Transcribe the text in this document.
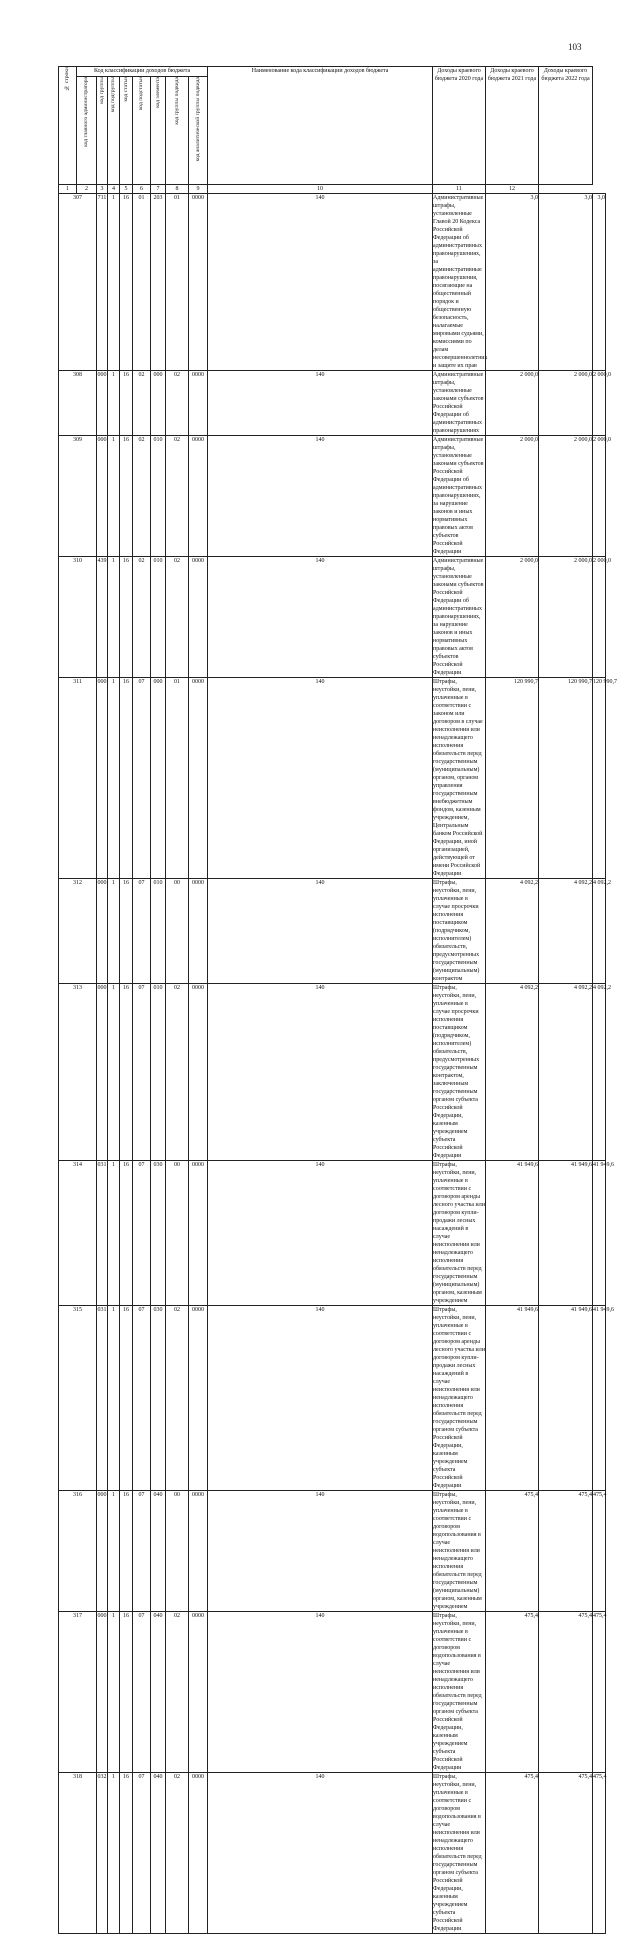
103
№ строки	Код классификации доходов бюджета								Наименование кода классификации доходов бюджета	Доходы краевого бюджета 2020 года	Доходы краевого бюджета 2021 года	Доходы краевого бюджета 2022 года	
	код главного администратора	код группы	код подгруппы	код статьи	код подстатьи	код элемента	код группы подвида	код аналитической группы подвида					
1	2	3	4	5	6	7	8	9	10	11	12		
307		711	1	16	01	203	01	0000	140	Административные штрафы, установленные Главой 20 Кодекса Российской Федерации об административных правонарушениях, за административные правонарушения, посягающие на общественный порядок и общественную безопасность, налагаемые мировыми судьями, комиссиями по делам несовершеннолетних и защите их прав	3,0	3,0	3,0
308		000	1	16	02	000	02	0000	140	Административные штрафы, установленные законами субъектов Российской Федерации об административных правонарушениях	2 000,0	2 000,0	2 000,0
309		000	1	16	02	010	02	0000	140	Административные штрафы, установленные законами субъектов Российской Федерации об административных правонарушениях, за нарушение законов и иных нормативных правовых актов субъектов Российской Федерации	2 000,0	2 000,0	2 000,0
310		439	1	16	02	010	02	0000	140	Административные штрафы, установленные законами субъектов Российской Федерации об административных правонарушениях, за нарушение законов и иных нормативных правовых актов субъектов Российской Федерации	2 000,0	2 000,0	2 000,0
311		000	1	16	07	000	01	0000	140	Штрафы, неустойки, пени, уплаченные в соответствии с законом или договором в случае неисполнения или ненадлежащего исполнения обязательств перед государственным (муниципальным) органом, органом управления государственным внебюджетным фондом, казенным учреждением, Центральным банком Российской Федерации, иной организацией, действующей от имени Российской Федерации	120 990,7	120 990,7	120 990,7
312		000	1	16	07	010	00	0000	140	Штрафы, неустойки, пени, уплаченные в случае просрочки исполнения поставщиком (подрядчиком, исполнителем) обязательств, предусмотренных государственным (муниципальным) контрактом	4 092,2	4 092,2	4 092,2
313		000	1	16	07	010	02	0000	140	Штрафы, неустойки, пени, уплаченные в случае просрочки исполнения поставщиком (подрядчиком, исполнителем) обязательств, предусмотренных государственным контрактом, заключенным государственным органом субъекта Российской Федерации, казенным учреждением субъекта Российской Федерации	4 092,2	4 092,2	4 092,2
314		031	1	16	07	030	00	0000	140	Штрафы, неустойки, пени, уплаченные в соответствии с договором аренды лесного участка или договором купли-продажи лесных насаждений в случае неисполнения или ненадлежащего исполнения обязательств перед государственным (муниципальным) органом, казенным учреждением	41 949,6	41 949,6	41 949,6
315		031	1	16	07	030	02	0000	140	Штрафы, неустойки, пени, уплаченные в соответствии с договором аренды лесного участка или договором купли-продажи лесных насаждений в случае неисполнения или ненадлежащего исполнения обязательств перед государственным органом субъекта Российской Федерации, казенным учреждением субъекта Российской Федерации	41 949,6	41 949,6	41 949,6
316		000	1	16	07	040	00	0000	140	Штрафы, неустойки, пени, уплаченные в соответствии с договором водопользования в случае неисполнения или ненадлежащего исполнения обязательств перед государственным (муниципальным) органом, казенным учреждением	475,4	475,4	475,4
317		000	1	16	07	040	02	0000	140	Штрафы, неустойки, пени, уплаченные в соответствии с договором водопользования в случае неисполнения или ненадлежащего исполнения обязательств перед государственным органом субъекта Российской Федерации, казенным учреждением субъекта Российской Федерации	475,4	475,4	475,4
318		032	1	16	07	040	02	0000	140	Штрафы, неустойки, пени, уплаченные в соответствии с договором водопользования в случае неисполнения или ненадлежащего исполнения обязательств перед государственным органом субъекта Российской Федерации, казенным учреждением субъекта Российской Федерации	475,4	475,4	475,4
